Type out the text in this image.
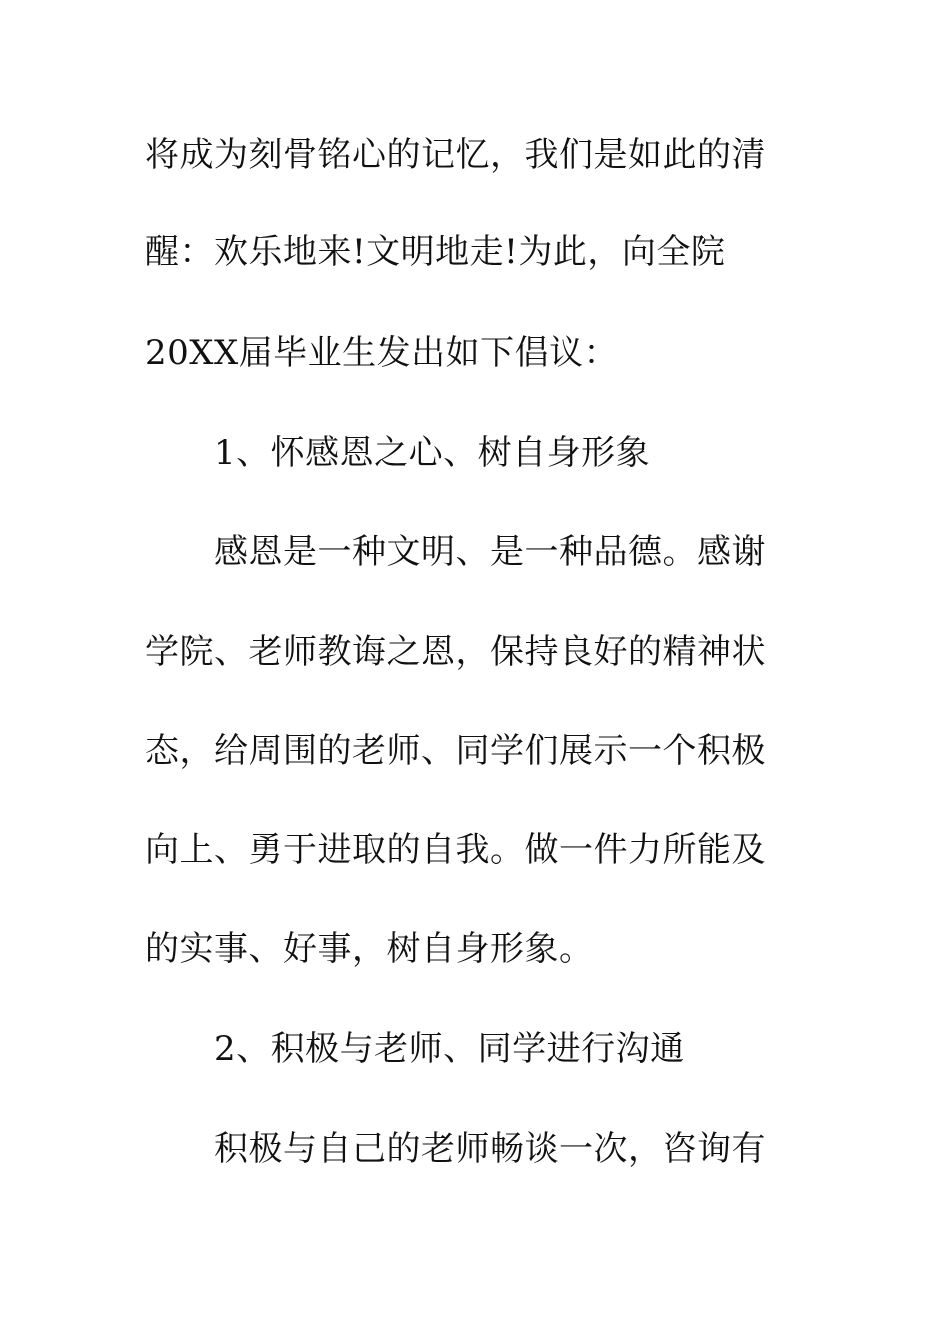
将成为刻骨铭心的记忆，我们是如此的清
醒：欢乐地来!文明地走!为此，向全院
20XX届毕业生发出如下倡议：
1、怀感恩之心、树自身形象
感恩是一种文明、是一种品德。感谢
学院、老师教诲之恩，保持良好的精神状
态，给周围的老师、同学们展示一个积极
向上、勇于进取的自我。做一件力所能及
的实事、好事，树自身形象。
2、积极与老师、同学进行沟通
积极与自己的老师畅谈一次，咨询有
